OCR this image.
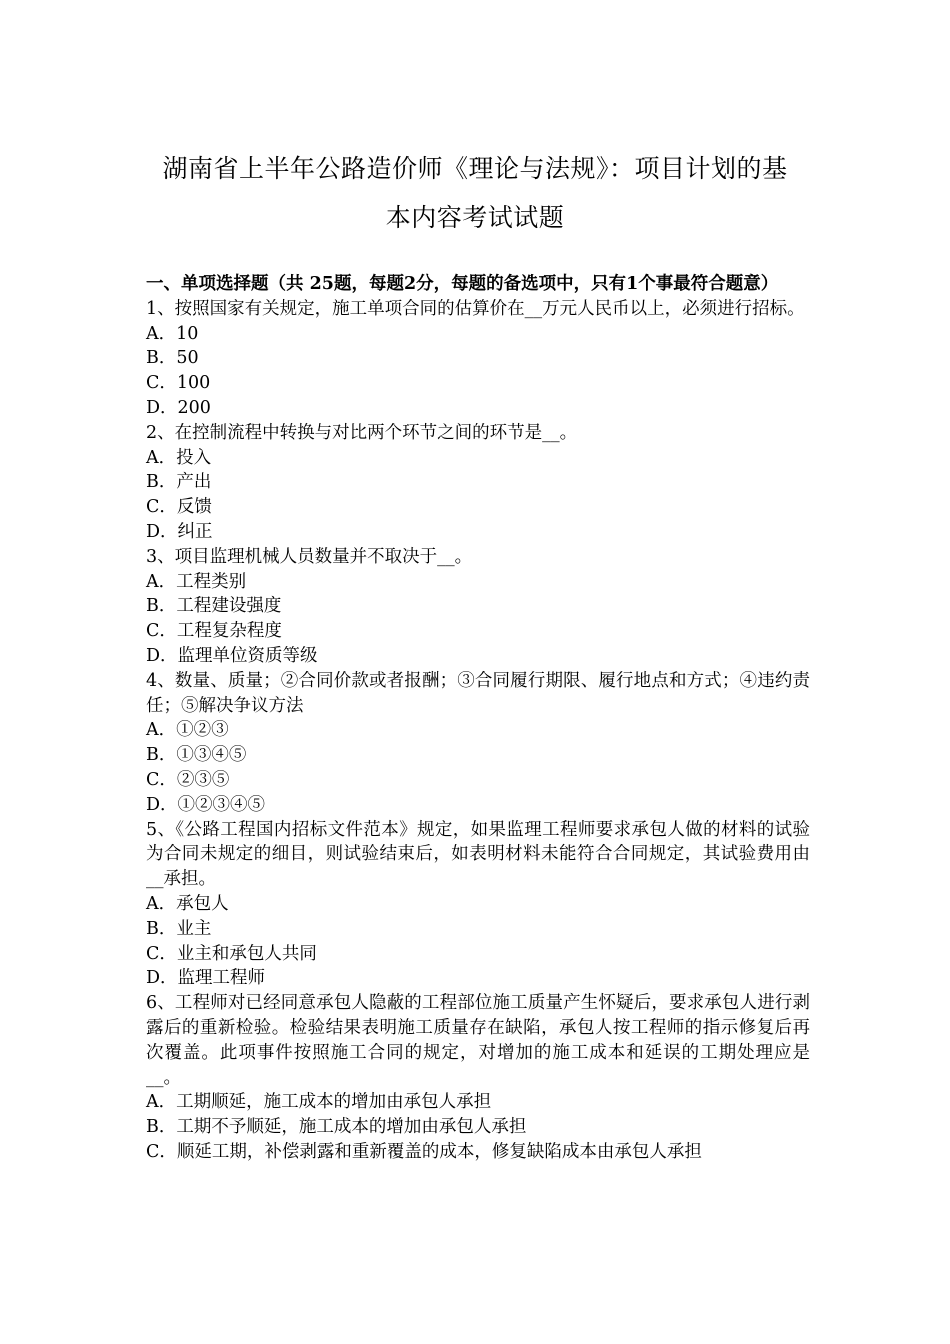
湖南省上半年公路造价师《理论与法规》：项目计划的基
本内容考试试题
一、单项选择题（共 25题，每题2分，每题的备选项中，只有1个事最符合题意）
1、按照国家有关规定，施工单项合同的估算价在__万元人民币以上，必须进行招标。
A．10
B．50
C．100
D．200
2、在控制流程中转换与对比两个环节之间的环节是__。
A．投入
B．产出
C．反馈
D．纠正
3、项目监理机械人员数量并不取决于__。
A．工程类别
B．工程建设强度
C．工程复杂程度
D．监理单位资质等级
4、数量、质量；②合同价款或者报酬；③合同履行期限、履行地点和方式；④违约责任；⑤解决争议方法
A．①②③
B．①③④⑤
C．②③⑤
D．①②③④⑤
5、《公路工程国内招标文件范本》规定，如果监理工程师要求承包人做的材料的试验为合同未规定的细目，则试验结束后，如表明材料未能符合合同规定，其试验费用由__承担。
A．承包人
B．业主
C．业主和承包人共同
D．监理工程师
6、工程师对已经同意承包人隐蔽的工程部位施工质量产生怀疑后，要求承包人进行剥露后的重新检验。检验结果表明施工质量存在缺陷，承包人按工程师的指示修复后再次覆盖。此项事件按照施工合同的规定，对增加的施工成本和延误的工期处理应是__。
A．工期顺延，施工成本的增加由承包人承担
B．工期不予顺延，施工成本的增加由承包人承担
C．顺延工期，补偿剥露和重新覆盖的成本，修复缺陷成本由承包人承担
